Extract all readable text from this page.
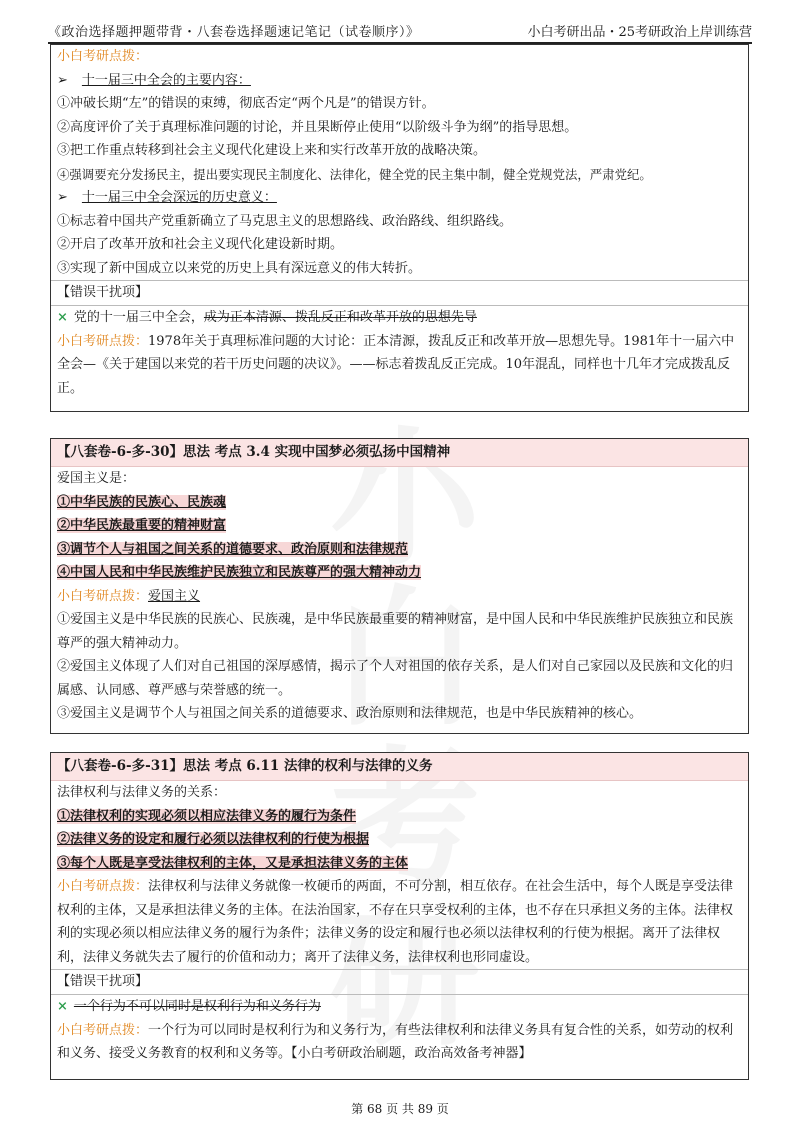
《政治选择题押题带背・八套卷选择题速记笔记（试卷顺序）》	小白考研出品・25考研政治上岸训练营
小白考研点拨：
➢ 十一届三中全会的主要内容：
①冲破长期“左”的错误的束缚，彻底否定“两个凡是”的错误方针。
②高度评价了关于真理标准问题的讨论，并且果断停止使用“以阶级斗争为纲”的指导思想。
③把工作重点转移到社会主义现代化建设上来和实行改革开放的战略决策。
④强调要充分发扬民主，提出要实现民主制度化、法律化，健全党的民主集中制，健全党规党法，严肃党纪。
➢ 十一届三中全会深远的历史意义：
①标志着中国共产党重新确立了马克思主义的思想路线、政治路线、组织路线。
②开启了改革开放和社会主义现代化建设新时期。
③实现了新中国成立以来党的历史上具有深远意义的伟大转折。
【错误干扰项】
× 党的十一届三中全会，成为正本清源、拨乱反正和改革开放的思想先导
小白考研点拨：1978年关于真理标准问题的大讨论：正本清源，拨乱反正和改革开放—思想先导。1981年十一届六中全会—《关于建国以来党的若干历史问题的决议》。——标志着拨乱反正完成。10年混乱，同样也十几年才完成拨乱反正。
【八套卷-6-多-30】思法 考点 3.4 实现中国梦必须弘扬中国精神
爱国主义是：
①中华民族的民族心、民族魂
②中华民族最重要的精神财富
③调节个人与祖国之间关系的道德要求、政治原则和法律规范
④中国人民和中华民族维护民族独立和民族尊严的强大精神动力
小白考研点拨：爱国主义
①爱国主义是中华民族的民族心、民族魂，是中华民族最重要的精神财富，是中国人民和中华民族维护民族独立和民族尊严的强大精神动力。
②爱国主义体现了人们对自己祖国的深厚感情，揭示了个人对祖国的依存关系，是人们对自己家园以及民族和文化的归属感、认同感、尊严感与荣誉感的统一。
③爱国主义是调节个人与祖国之间关系的道德要求、政治原则和法律规范，也是中华民族精神的核心。
【八套卷-6-多-31】思法 考点 6.11 法律的权利与法律的义务
法律权利与法律义务的关系：
①法律权利的实现必须以相应法律义务的履行为条件
②法律义务的设定和履行必须以法律权利的行使为根据
③每个人既是享受法律权利的主体，又是承担法律义务的主体
小白考研点拨：法律权利与法律义务就像一枚硬币的两面，不可分割，相互依存。在社会生活中，每个人既是享受法律权利的主体，又是承担法律义务的主体。在法治国家，不存在只享受权利的主体，也不存在只承担义务的主体。法律权利的实现必须以相应法律义务的履行为条件；法律义务的设定和履行也必须以法律权利的行使为根据。离开了法律权利，法律义务就失去了履行的价值和动力；离开了法律义务，法律权利也形同虚设。
【错误干扰项】
× 一个行为不可以同时是权利行为和义务行为
小白考研点拨：一个行为可以同时是权利行为和义务行为，有些法律权利和法律义务具有复合性的关系，如劳动的权利和义务、接受义务教育的权利和义务等。【小白考研政治刷题，政治高效备考神器】
第 68 页 共 89 页
